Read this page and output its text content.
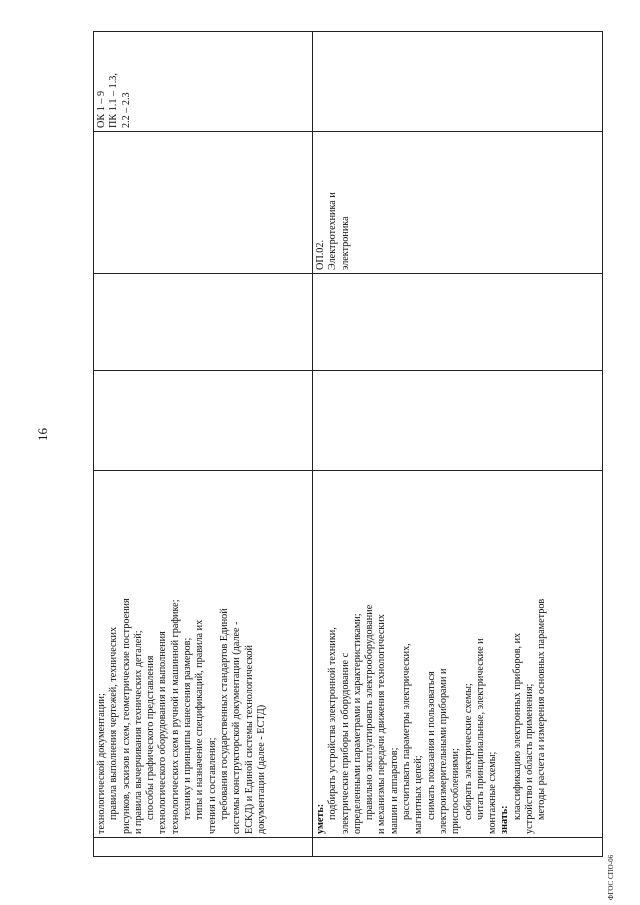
16
технологической документации; правила выполнения чертежей, технических рисунков, эскизов и схем, геометрические построения и правила вычерчивания технических деталей; способы графического представления технологического оборудования и выполнения технологических схем в ручной и машинной графике; технику и принципы нанесения размеров; типы и назначение спецификаций, правила их чтения и составления; требования государственных стандартов Единой системы конструкторской документации (далее - ЕСКД) и Единой системы технологической документации (далее - ЕСТД)
ОК 1 – 9
ПК 1.1 – 1.3,
2.2 – 2.3
уметь: подбирать устройства электронной техники, электрические приборы и оборудование с определенными параметрами и характеристиками; правильно эксплуатировать электрооборудование и механизмы передачи движения технологических машин и аппаратов; рассчитывать параметры электрических, магнитных цепей; снимать показания и пользоваться электроизмерительными приборами и приспособлениями; собирать электрические схемы; читать принципиальные, электрические и монтажные схемы; знать: классификацию электронных приборов, их устройство и область применения; методы расчета и измерения основных параметров
ОП.02.
Электротехника и
электроника
ФГОС СПО-06
